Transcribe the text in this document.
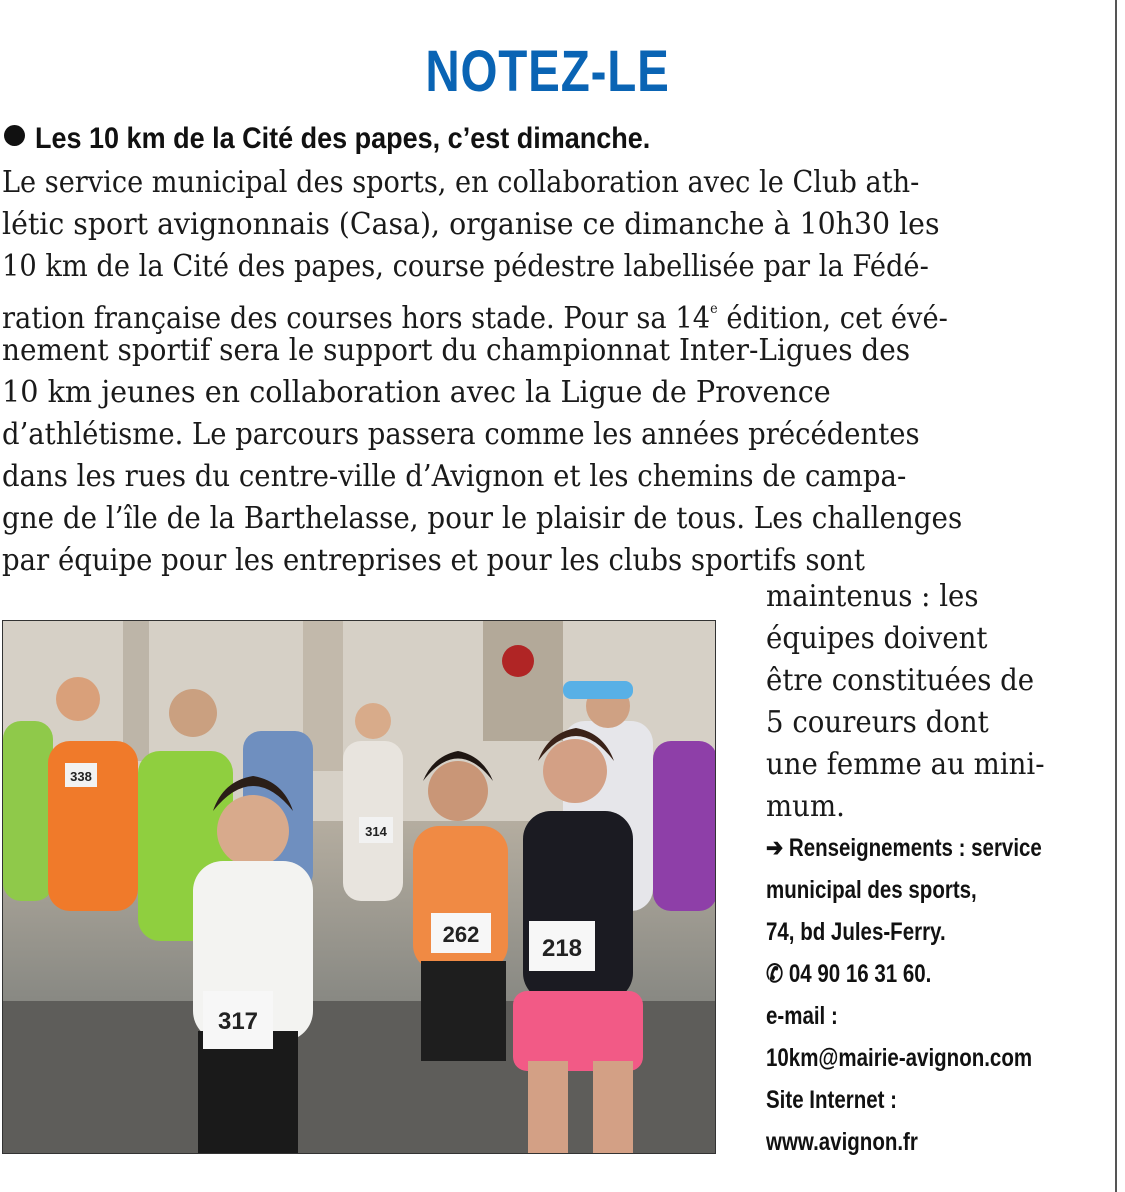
NOTEZ-LE
Les 10 km de la Cité des papes, c’est dimanche.
Le service municipal des sports, en collaboration avec le Club ath-
létic sport avignonnais (Casa), organise ce dimanche à 10h30 les
10 km de la Cité des papes, course pédestre labellisée par la Fédé-
ration française des courses hors stade. Pour sa 14e édition, cet évé-
nement sportif sera le support du championnat Inter-Ligues des
10 km jeunes en collaboration avec la Ligue de Provence
d’athlétisme. Le parcours passera comme les années précédentes
dans les rues du centre-ville d’Avignon et les chemins de campa-
gne de l’île de la Barthelasse, pour le plaisir de tous. Les challenges
par équipe pour les entreprises et pour les clubs sportifs sont
maintenus : les
équipes doivent
être constituées de
5 coureurs dont
une femme au mini-
mum.
➔ Renseignements : service
municipal des sports,
74, bd Jules-Ferry.
✆ 04 90 16 31 60.
e-mail :
10km@mairie-avignon.com
Site Internet :
www.avignon.fr
338
314
262
218
317
